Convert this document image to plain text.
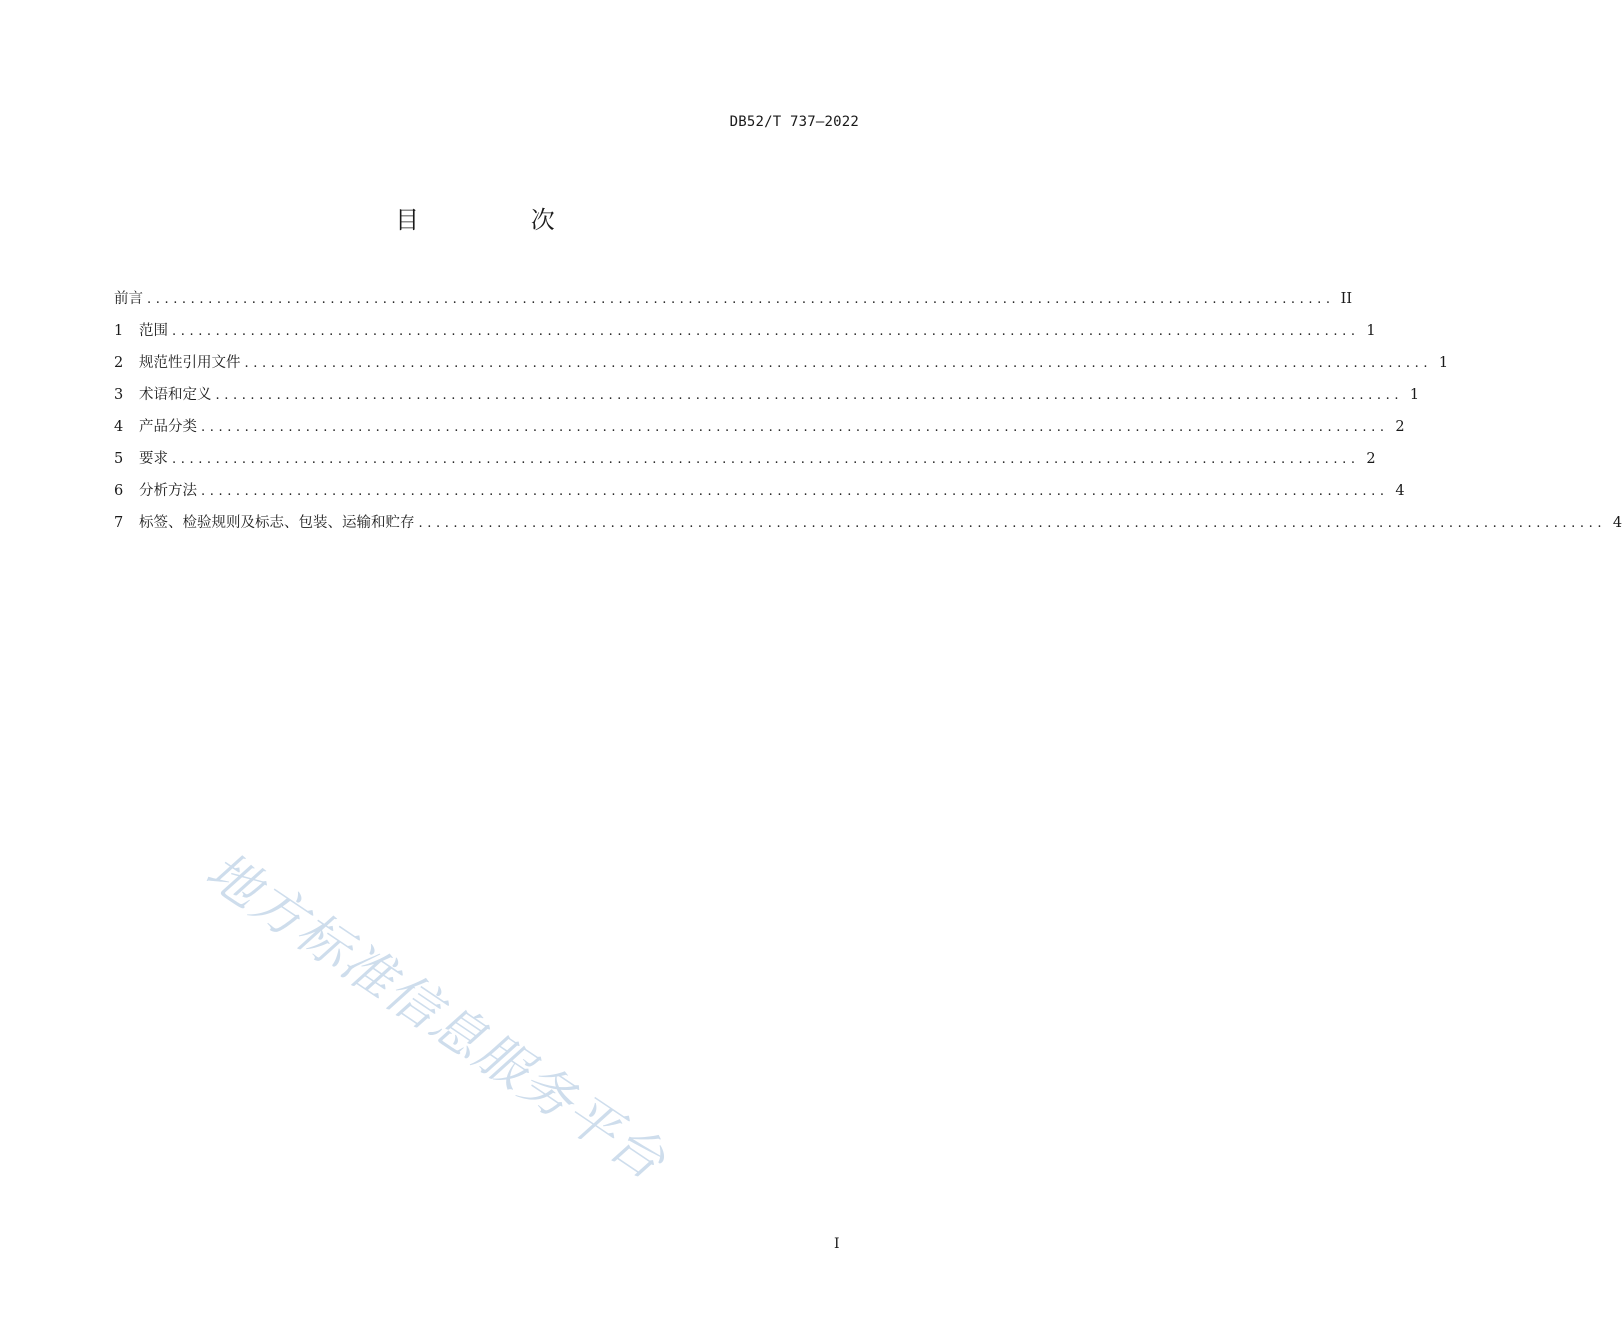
DB52/T 737—2022
目 次
前言 ........................................................................................................................................ II
1	范围 ........................................................................................................................................ 1
2	规范性引用文件 ........................................................................................................................................ 1
3	术语和定义 ........................................................................................................................................ 1
4	产品分类 ........................................................................................................................................ 2
5	要求 ........................................................................................................................................ 2
6	分析方法 ........................................................................................................................................ 4
7	标签、检验规则及标志、包装、运输和贮存 ........................................................................................................................................ 4
地方标准信息服务平台
I
